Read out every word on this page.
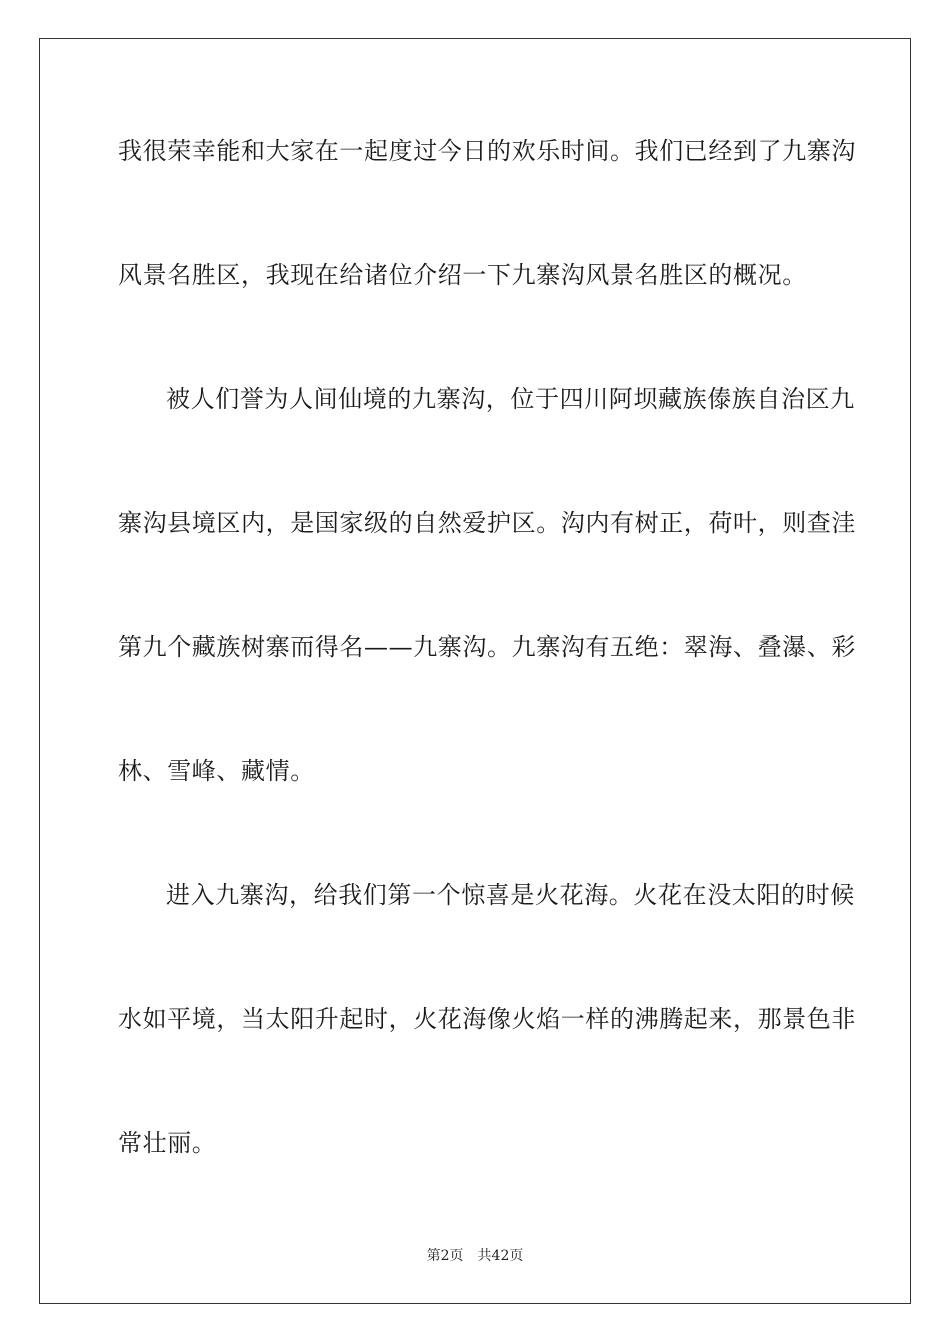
我很荣幸能和大家在一起度过今日的欢乐时间。我们已经到了九寨沟
风景名胜区，我现在给诸位介绍一下九寨沟风景名胜区的概况。
被人们誉为人间仙境的九寨沟，位于四川阿坝藏族傣族自治区九
寨沟县境区内，是国家级的自然爱护区。沟内有树正，荷叶，则查洼
第九个藏族树寨而得名——九寨沟。九寨沟有五绝：翠海、叠瀑、彩
林、雪峰、藏情。
进入九寨沟，给我们第一个惊喜是火花海。火花在没太阳的时候
水如平境，当太阳升起时，火花海像火焰一样的沸腾起来，那景色非
常壮丽。
第2页 共42页
